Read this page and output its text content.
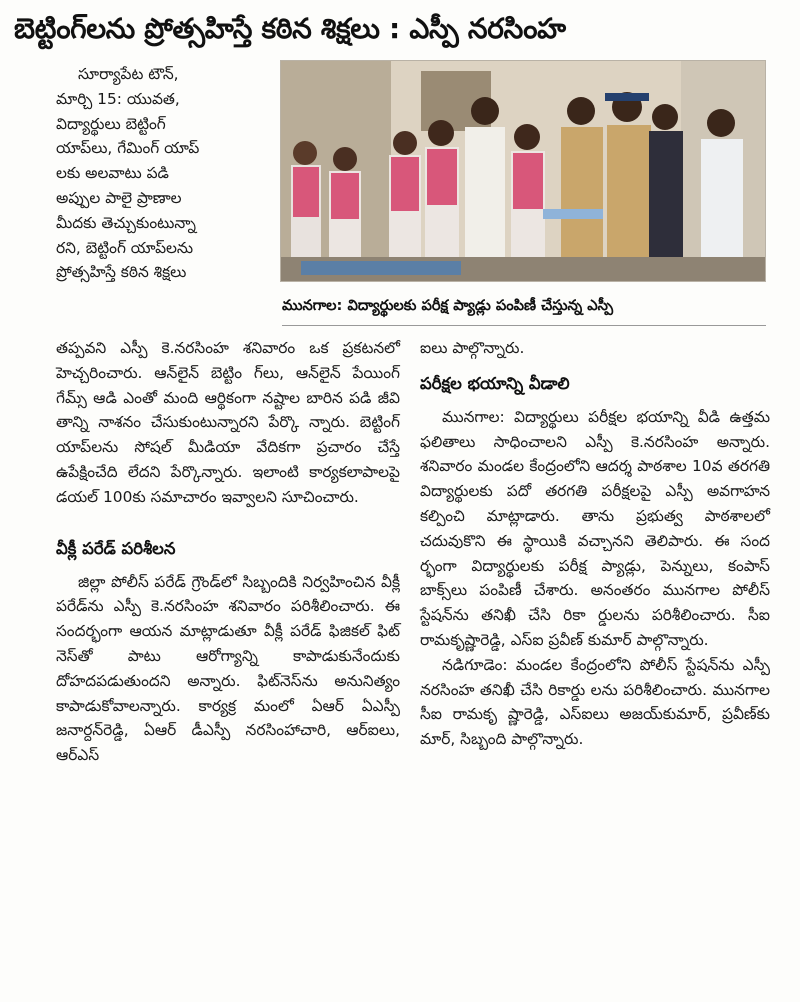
బెట్టింగ్‌లను ప్రోత్సహిస్తే కఠిన శిక్షలు : ఎస్పీ నరసింహ

సూర్యాపేట టౌన్,

మార్చి 15: యువత,

విద్యార్థులు బెట్టింగ్

యాప్‌లు, గేమింగ్ యాప్

లకు అలవాటు పడి

అప్పుల పాలై ప్రాణాల

మీదకు తెచ్చుకుంటున్నా

రని, బెట్టింగ్ యాప్‌లను

ప్రోత్సహిస్తే కఠిన శిక్షలు

మునగాల: విద్యార్థులకు పరీక్ష ప్యాడ్లు పంపిణీ చేస్తున్న ఎస్పీ

తప్పవని ఎస్పీ కె.నరసింహ శనివారం ఒక ప్రకటనలో హెచ్చరించారు. ఆన్‌లైన్ బెట్టిం గ్‌లు, ఆన్‌లైన్ పేయింగ్ గేమ్స్ ఆడి ఎంతో మంది ఆర్థికంగా నష్టాల బారిన పడి జీవి తాన్ని నాశనం చేసుకుంటున్నారని పేర్కొ న్నారు. బెట్టింగ్ యాప్‌లను సోషల్ మీడియా వేదికగా ప్రచారం చేస్తే ఉపేక్షించేది లేదని పేర్కొన్నారు. ఇలాంటి కార్యకలాపాలపై డయల్ 100కు సమాచారం ఇవ్వాలని సూచించారు.

వీక్లీ పరేడ్ పరిశీలన

జిల్లా పోలీస్ పరేడ్ గ్రౌండ్‌లో సిబ్బందికి నిర్వహించిన వీక్లీ పరేడ్‌ను ఎస్పీ కె.నరసింహ శనివారం పరిశీలించారు. ఈ సందర్భంగా ఆయన మాట్లాడుతూ వీక్లీ పరేడ్ ఫిజికల్ ఫిట్ నెస్‌తో పాటు ఆరోగ్యాన్ని కాపాడుకునేందుకు దోహదపడుతుందని అన్నారు. ఫిట్‌నెస్‌ను అనునిత్యం కాపాడుకోవాలన్నారు. కార్యక్ర మంలో ఏఆర్ ఏఎస్పీ జనార్దన్‌రెడ్డి, ఏఆర్ డీఎస్పీ నరసింహాచారి, ఆర్‌ఐలు, ఆర్ఎస్

ఐలు పాల్గొన్నారు.

పరీక్షల భయాన్ని వీడాలి

మునగాల: విద్యార్థులు పరీక్షల భయాన్ని వీడి ఉత్తమ ఫలితాలు సాధించాలని ఎస్పీ కె.నరసింహ అన్నారు. శనివారం మండల కేంద్రంలోని ఆదర్శ పాఠశాల 10వ తరగతి విద్యార్థులకు పదో తరగతి పరీక్షలపై ఎస్పీ అవగాహన కల్పించి మాట్లాడారు. తాను ప్రభుత్వ పాఠశాలలో చదువుకొని ఈ స్థాయికి వచ్చానని తెలిపారు. ఈ సంద ర్భంగా విద్యార్థులకు పరీక్ష ప్యాడ్లు, పెన్నులు, కంపాస్ బాక్స్‌లు పంపిణీ చేశారు. అనంతరం మునగాల పోలీస్ స్టేషన్‌ను తనిఖీ చేసి రికా ర్డులను పరిశీలించారు. సీఐ రామకృష్ణారెడ్డి, ఎస్ఐ ప్రవీణ్ కుమార్ పాల్గొన్నారు.

నడిగూడెం: మండల కేంద్రంలోని పోలీస్ స్టేషన్‌ను ఎస్పీ నరసింహ తనిఖీ చేసి రికార్డు లను పరిశీలించారు. మునగాల సీఐ రామకృ ష్ణారెడ్డి, ఎస్ఐలు అజయ్‌కుమార్, ప్రవీణ్‌కు మార్, సిబ్బంది పాల్గొన్నారు.
